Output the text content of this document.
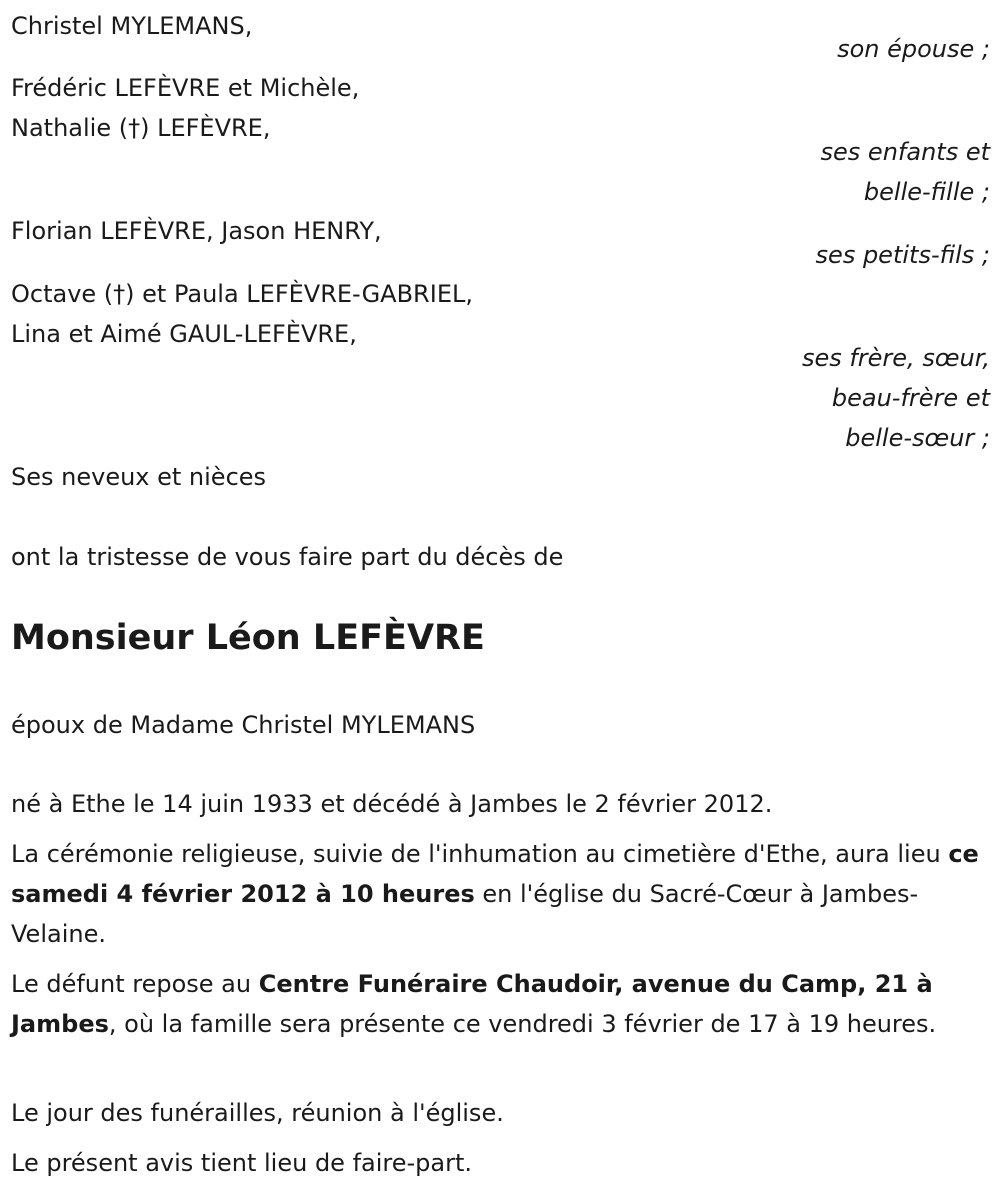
Christel MYLEMANS,
son épouse ;
Frédéric LEFÈVRE et Michèle,
Nathalie (†) LEFÈVRE,
ses enfants et
belle-fille ;
Florian LEFÈVRE, Jason HENRY,
ses petits-fils ;
Octave (†) et Paula LEFÈVRE-GABRIEL,
Lina et Aimé GAUL-LEFÈVRE,
ses frère, sœur,
beau-frère et
belle-sœur ;
Ses neveux et nièces
ont la tristesse de vous faire part du décès de
Monsieur Léon LEFÈVRE
époux de Madame Christel MYLEMANS
né à Ethe le 14 juin 1933 et décédé à Jambes le 2 février 2012.
La cérémonie religieuse, suivie de l'inhumation au cimetière d'Ethe, aura lieu ce samedi 4 février 2012 à 10 heures en l'église du Sacré-Cœur à Jambes-Velaine.
Le défunt repose au Centre Funéraire Chaudoir, avenue du Camp, 21 à Jambes, où la famille sera présente ce vendredi 3 février de 17 à 19 heures.
Le jour des funérailles, réunion à l'église.
Le présent avis tient lieu de faire-part.
